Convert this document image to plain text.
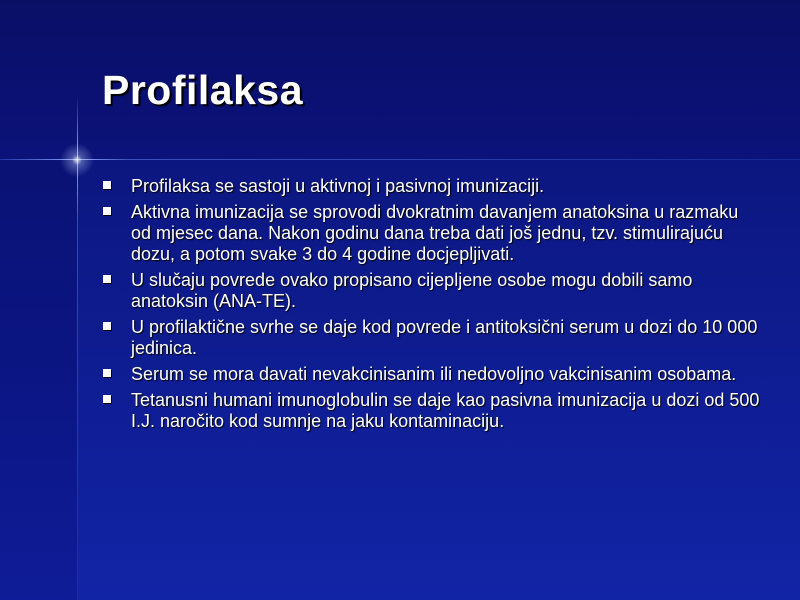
Profilaksa
Profilaksa se sastoji u aktivnoj i pasivnoj imunizaciji.
Aktivna imunizacija se sprovodi dvokratnim davanjem anatoksina u razmaku od mjesec dana. Nakon godinu dana treba dati još jednu, tzv. stimulirajuću dozu, a potom svake 3 do 4 godine docjepljivati.
U slučaju povrede ovako propisano cijepljene osobe mogu dobili samo anatoksin (ANA-TE).
U profilaktične svrhe se daje kod povrede i antitoksični serum u dozi do 10 000 jedinica.
Serum se mora davati nevakcinisanim ili nedovoljno vakcinisanim osobama.
Tetanusni humani imunoglobulin se daje kao pasivna imunizacija u dozi od 500 I.J. naročito kod sumnje na jaku kontaminaciju.
